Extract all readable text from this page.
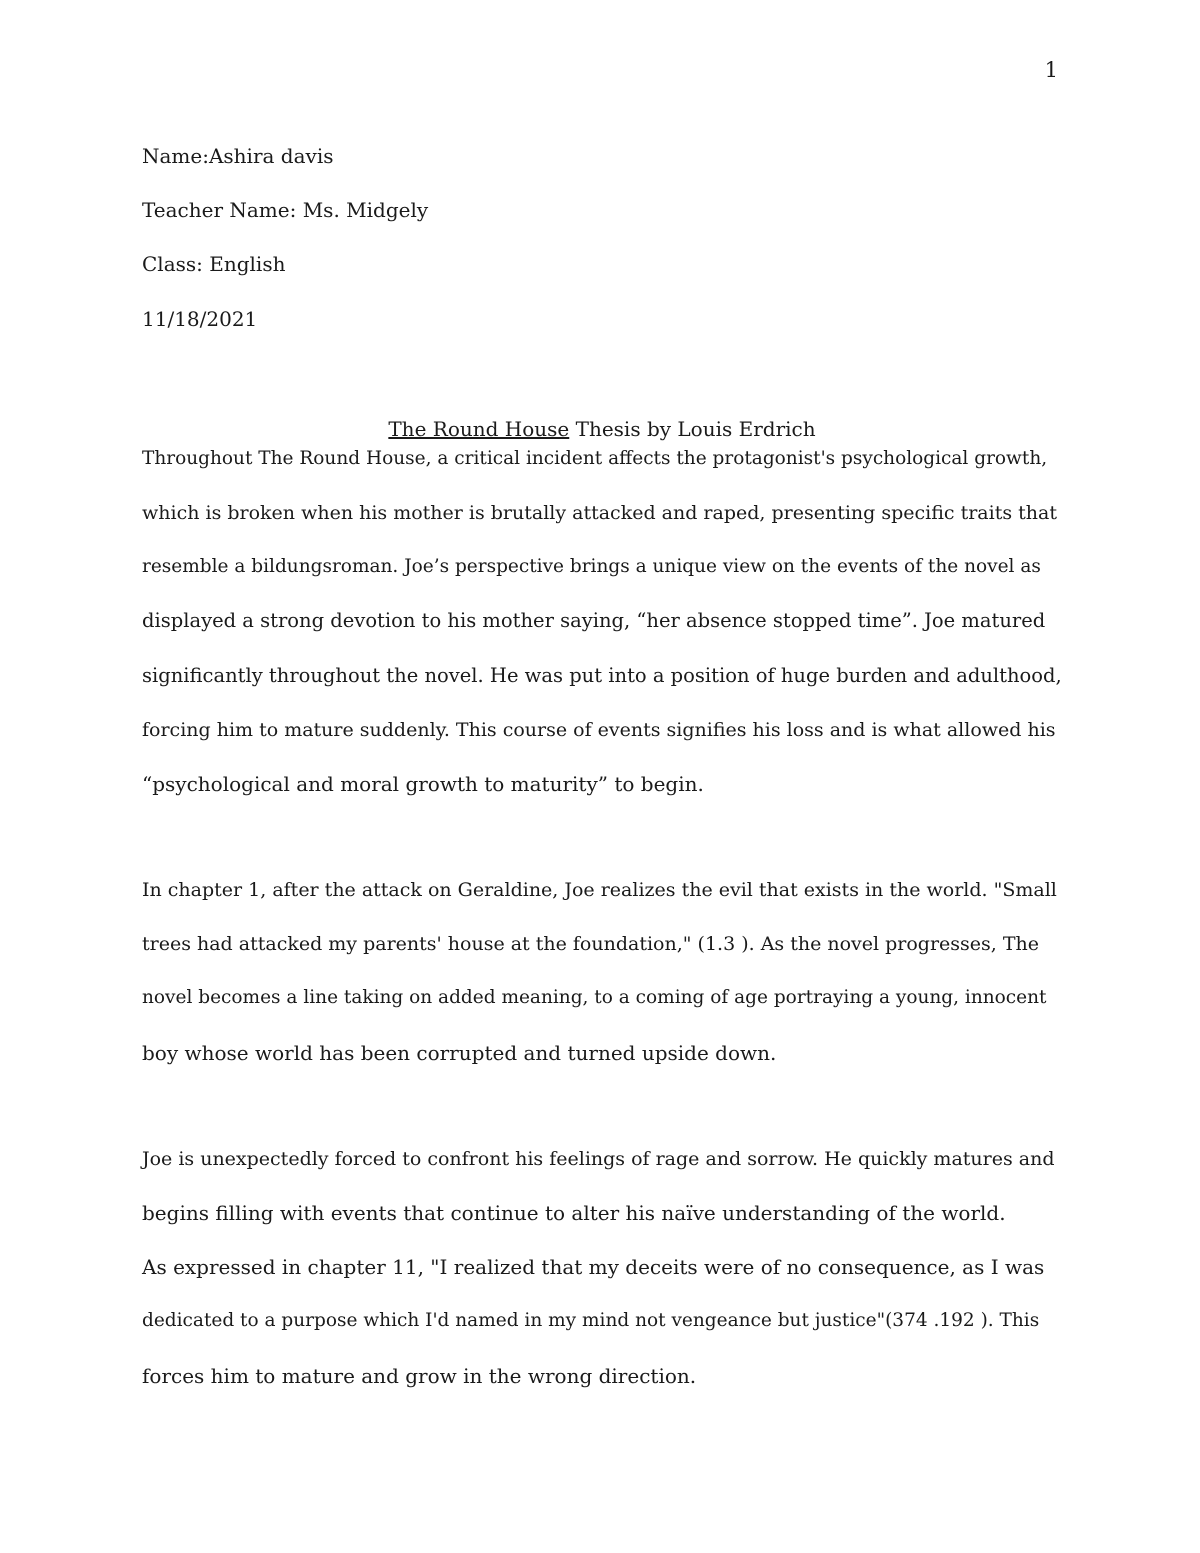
1
Name:Ashira davis
Teacher Name: Ms. Midgely
Class: English
11/18/2021
The Round House Thesis by Louis Erdrich
Throughout The Round House, a critical incident affects the protagonist's psychological growth,
which is broken when his mother is brutally attacked and raped, presenting specific traits that
resemble a bildungsroman. Joe’s perspective brings a unique view on the events of the novel as
displayed a strong devotion to his mother saying, “her absence stopped time”. Joe matured
significantly throughout the novel. He was put into a position of huge burden and adulthood,
forcing him to mature suddenly. This course of events signifies his loss and is what allowed his
“psychological and moral growth to maturity” to begin.
In chapter 1, after the attack on Geraldine, Joe realizes the evil that exists in the world. "Small
trees had attacked my parents' house at the foundation," (1.3 ). As the novel progresses, The
novel becomes a line taking on added meaning, to a coming of age portraying a young, innocent
boy whose world has been corrupted and turned upside down.
Joe is unexpectedly forced to confront his feelings of rage and sorrow. He quickly matures and
begins filling with events that continue to alter his naïve understanding of the world.
As expressed in chapter 11, "I realized that my deceits were of no consequence, as I was
dedicated to a purpose which I'd named in my mind not vengeance but justice"(374 .192 ). This
forces him to mature and grow in the wrong direction.
